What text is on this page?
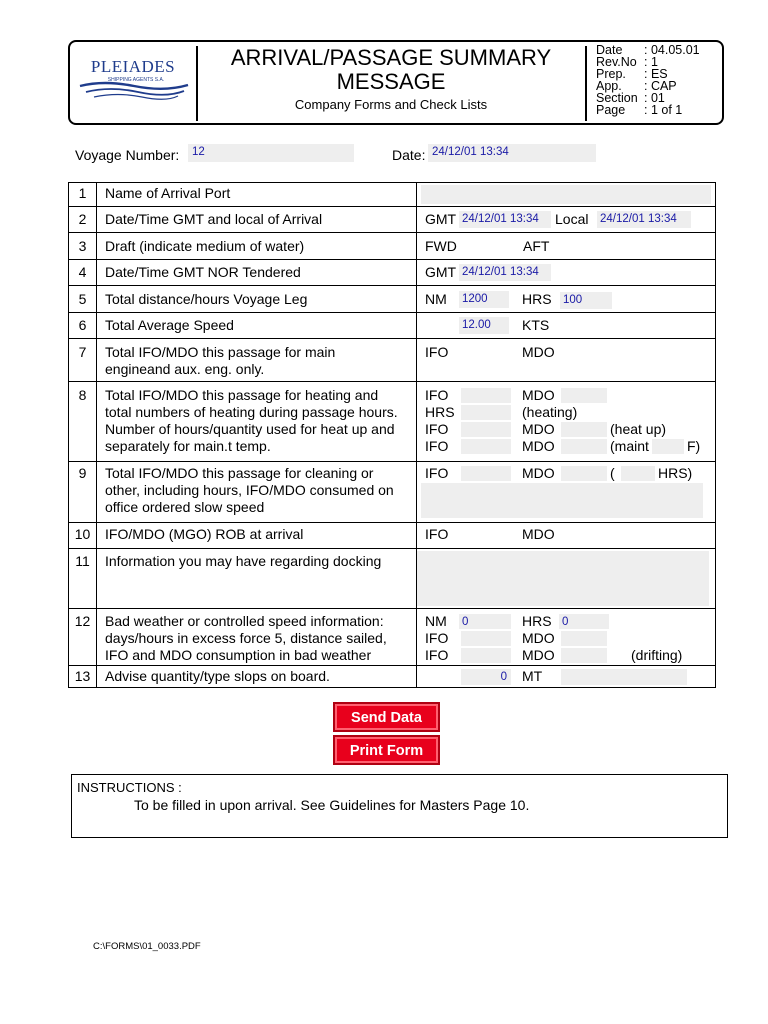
PLEIADES
SHIPPING AGENTS S.A.
ARRIVAL/PASSAGE SUMMARY
MESSAGE
Company Forms and Check Lists
Date	: 04.05.01
Rev.No : 1
Prep.	: ES
App.	: CAP
Section : 01
Page	: 1 of 1
Voyage Number:	12	Date: 24/12/01 13:34
1	Name of Arrival Port
2	Date/Time GMT and local of Arrival	GMT 24/12/01 13:34	Local 24/12/01 13:34
3	Draft (indicate medium of water)	FWD	AFT
4	Date/Time GMT NOR Tendered	GMT 24/12/01 13:34
5	Total distance/hours Voyage Leg	NM 1200	HRS 100
6	Total Average Speed	12.00	KTS
7	Total IFO/MDO this passage for main
engineand aux. eng. only.
IFO	MDO
8	Total IFO/MDO this passage for heating and
total numbers of heating during passage hours.
Number of hours/quantity used for heat up and
separately for main.t temp.
IFO	MDO
HRS	(heating)
IFO	MDO	(heat up)
IFO	MDO	(maint	F)
9	Total IFO/MDO this passage for cleaning or
other, including hours, IFO/MDO consumed on
office ordered slow speed
IFO	MDO	(	HRS)
10	IFO/MDO (MGO) ROB at arrival	IFO	MDO
11	Information you may have regarding docking
12	Bad weather or controlled speed information:
days/hours in excess force 5, distance sailed,
IFO and MDO consumption in bad weather
NM 0	HRS 0
IFO	MDO
IFO	MDO	(drifting)
13	Advise quantity/type slops on board.	0 MT
Send Data
Print Form
INSTRUCTIONS :
To be filled in upon arrival. See Guidelines for Masters Page 10.
C:\FORMS\01_0033.PDF
